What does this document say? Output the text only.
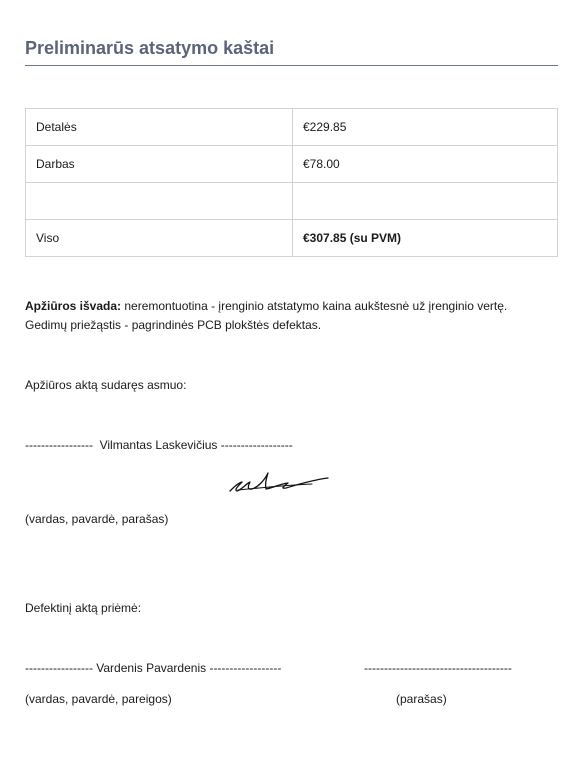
Preliminarūs atsatymo kaštai
Detalės	€229.85
Darbas	€78.00

Viso	€307.85 (su PVM)

Apžiūros išvada: neremontuotina - įrenginio atstatymo kaina aukštesnė už įrenginio vertę.
Gedimų priežąstis - pagrindinės PCB plokštės defektas.

Apžiūros aktą sudaręs asmuo:

-----------------  Vilmantas Laskevičius ------------------

(vardas, pavardė, parašas)

Defektinį aktą priėmė:

----------------- Vardenis Pavardenis ------------------	-------------------------------------
(vardas, pavardė, pareigos)	(parašas)
